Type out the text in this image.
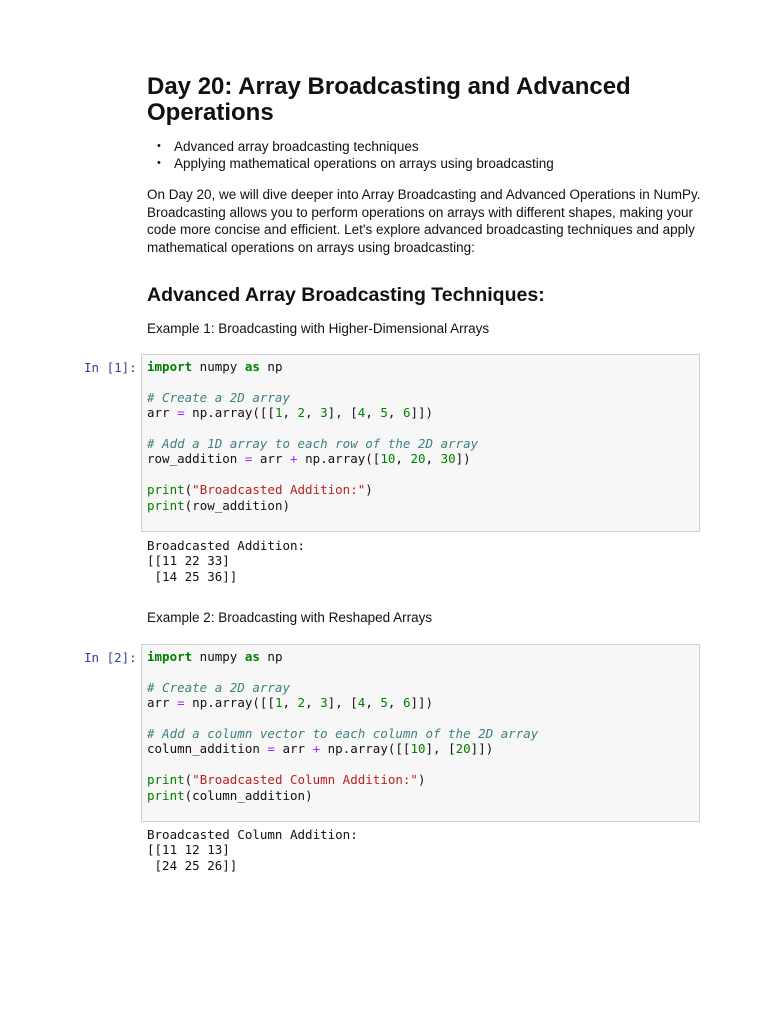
Day 20: Array Broadcasting and Advanced Operations
• Advanced array broadcasting techniques
• Applying mathematical operations on arrays using broadcasting

On Day 20, we will dive deeper into Array Broadcasting and Advanced Operations in NumPy. Broadcasting allows you to perform operations on arrays with different shapes, making your code more concise and efficient. Let's explore advanced broadcasting techniques and apply mathematical operations on arrays using broadcasting:

Advanced Array Broadcasting Techniques:

Example 1: Broadcasting with Higher-Dimensional Arrays

In [1]: import numpy as np
# Create a 2D array
arr = np.array([[1, 2, 3], [4, 5, 6]])
# Add a 1D array to each row of the 2D array
row_addition = arr + np.array([10, 20, 30])
print("Broadcasted Addition:")
print(row_addition)
Broadcasted Addition:
[[11 22 33]
[14 25 36]]

Example 2: Broadcasting with Reshaped Arrays

In [2]: import numpy as np
# Create a 2D array
arr = np.array([[1, 2, 3], [4, 5, 6]])
# Add a column vector to each column of the 2D array
column_addition = arr + np.array([[10], [20]])
print("Broadcasted Column Addition:")
print(column_addition)
Broadcasted Column Addition:
[[11 12 13]
[24 25 26]]
